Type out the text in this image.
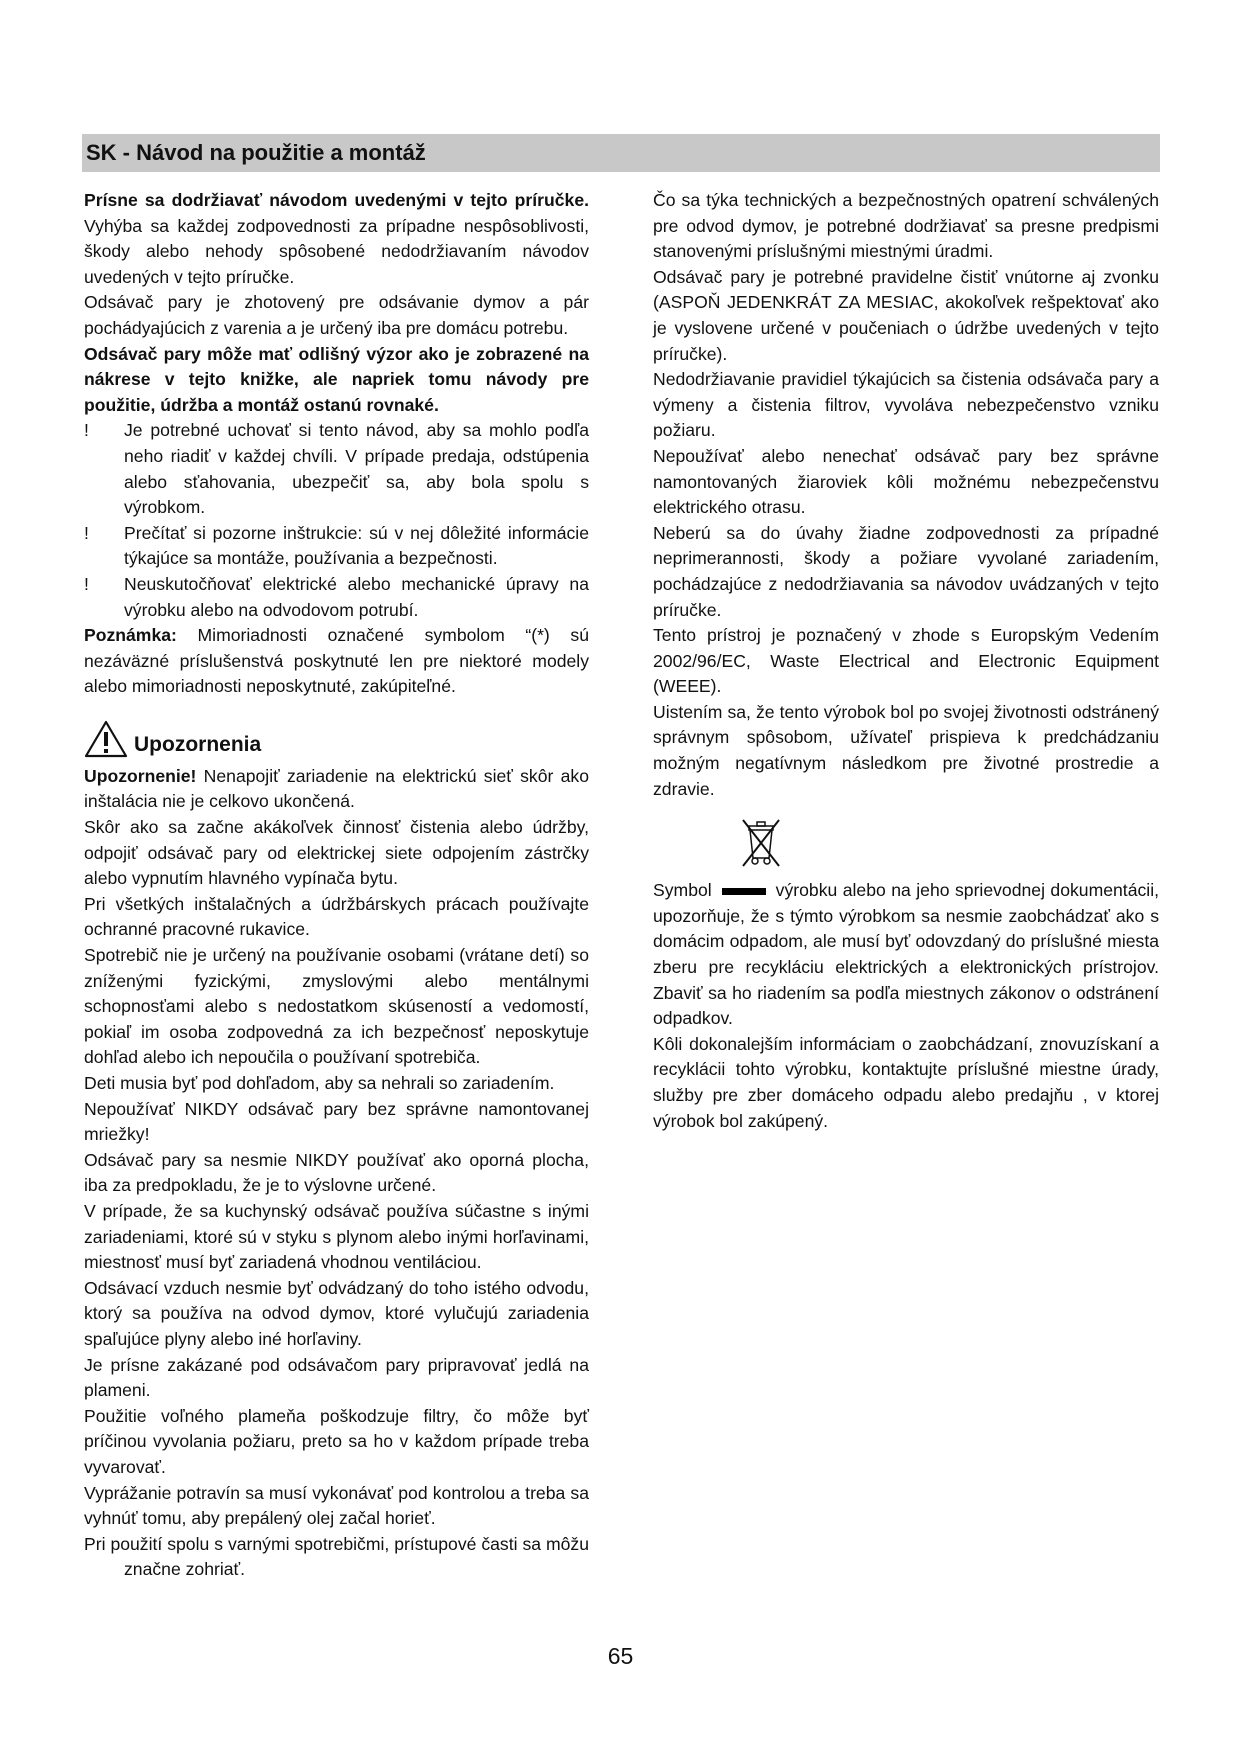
SK - Návod na použitie a montáž

Prísne sa dodržiavať návodom uvedenými v tejto príručke. Vyhýba sa každej zodpovednosti za prípadne nespôsoblivosti, škody alebo nehody spôsobené nedodržiavaním návodov uvedených v tejto príručke.

Odsávač pary je zhotovený pre odsávanie dymov a pár pochádyajúcich z varenia a je určený iba pre domácu potrebu.

Odsávač pary môže mať odlišný výzor ako je zobrazené na nákrese v tejto knižke, ale napriek tomu návody pre použitie, údržba a montáž ostanú rovnaké.

!	Je potrebné uchovať si tento návod, aby sa mohlo podľa neho riadiť v každej chvíli. V prípade predaja, odstúpenia alebo sťahovania, ubezpečiť sa, aby bola spolu s výrobkom.
!	Prečítať si pozorne inštrukcie: sú v nej dôležité informácie týkajúce sa montáže, používania a bezpečnosti.
!	Neuskutočňovať elektrické alebo mechanické úpravy na výrobku alebo na odvodovom potrubí.

Poznámka: Mimoriadnosti označené symbolom “(*) sú nezáväzné príslušenstvá poskytnuté len pre niektoré modely alebo mimoriadnosti neposkytnuté, zakúpiteľné.

Upozornenia

Upozornenie! Nenapojiť zariadenie na elektrickú sieť skôr ako inštalácia nie je celkovo ukončená.

Skôr ako sa začne akákoľvek činnosť čistenia alebo údržby, odpojiť odsávač pary od elektrickej siete odpojením zástrčky alebo vypnutím hlavného vypínača bytu.

Pri všetkých inštalačných a údržbárskych prácach používajte ochranné pracovné rukavice.

Spotrebič nie je určený na používanie osobami (vrátane detí) so zníženými fyzickými, zmyslovými alebo mentálnymi schopnosťami alebo s nedostatkom skúseností a vedomostí, pokiaľ im osoba zodpovedná za ich bezpečnosť neposkytuje dohľad alebo ich nepoučila o používaní spotrebiča.

Deti musia byť pod dohľadom, aby sa nehrali so zariadením.

Nepoužívať NIKDY odsávač pary bez správne namontovanej mriežky!

Odsávač pary sa nesmie NIKDY používať ako oporná plocha, iba za predpokladu, že je to výslovne určené.

V prípade, že sa kuchynský odsávač používa súčastne s inými zariadeniami, ktoré sú v styku s plynom alebo inými horľavinami, miestnosť musí byť zariadená vhodnou ventiláciou.

Odsávací vzduch nesmie byť odvádzaný do toho istého odvodu, ktorý sa používa na odvod dymov, ktoré vylučujú zariadenia spaľujúce plyny alebo iné horľaviny.

Je prísne zakázané pod odsávačom pary pripravovať jedlá na plameni.

Použitie voľného plameňa poškodzuje filtry, čo môže byť príčinou vyvolania požiaru, preto sa ho v každom prípade treba vyvarovať.

Vyprážanie potravín sa musí vykonávať pod kontrolou a treba sa vyhnúť tomu, aby prepálený olej začal horieť.

Pri použití spolu s varnými spotrebičmi, prístupové časti sa môžu značne zohriať.

Čo sa týka technických a bezpečnostných opatrení schválených pre odvod dymov, je potrebné dodržiavať sa presne predpismi stanovenými príslušnými miestnými úradmi.

Odsávač pary je potrebné pravidelne čistiť vnútorne aj zvonku (ASPOŇ JEDENKRÁT ZA MESIAC, akokoľvek rešpektovať ako je vyslovene určené v poučeniach o údržbe uvedených v tejto príručke).

Nedodržiavanie pravidiel týkajúcich sa čistenia odsávača pary a výmeny a čistenia filtrov, vyvoláva nebezpečenstvo vzniku požiaru.

Nepoužívať alebo nenechať odsávač pary bez správne namontovaných žiaroviek kôli možnému nebezpečenstvu elektrického otrasu.

Neberú sa do úvahy žiadne zodpovednosti za prípadné neprimerannosti, škody a požiare vyvolané zariadením, pochádzajúce z nedodržiavania sa návodov uvádzaných v tejto príručke.

Tento prístroj je poznačený v zhode s Europským Vedením 2002/96/EC, Waste Electrical and Electronic Equipment (WEEE).

Uistením sa, že tento výrobok bol po svojej životnosti odstránený správnym spôsobom, užívateľ prispieva k predchádzaniu možným negatívnym následkom pre životné prostredie a zdravie.

Symbol	výrobku alebo na jeho sprievodnej dokumentácii, upozorňuje, že s týmto výrobkom sa nesmie zaobchádzať ako s domácim odpadom, ale musí byť odovzdaný do príslušné miesta zberu pre recykláciu elektrických a elektronických prístrojov. Zbaviť sa ho riadením sa podľa miestnych zákonov o odstránení odpadkov.

Kôli dokonalejším informáciam o zaobchádzaní, znovuzískaní a recyklácii tohto výrobku, kontaktujte príslušné miestne úrady, služby pre zber domáceho odpadu alebo predajňu , v ktorej výrobok bol zakúpený.

65
